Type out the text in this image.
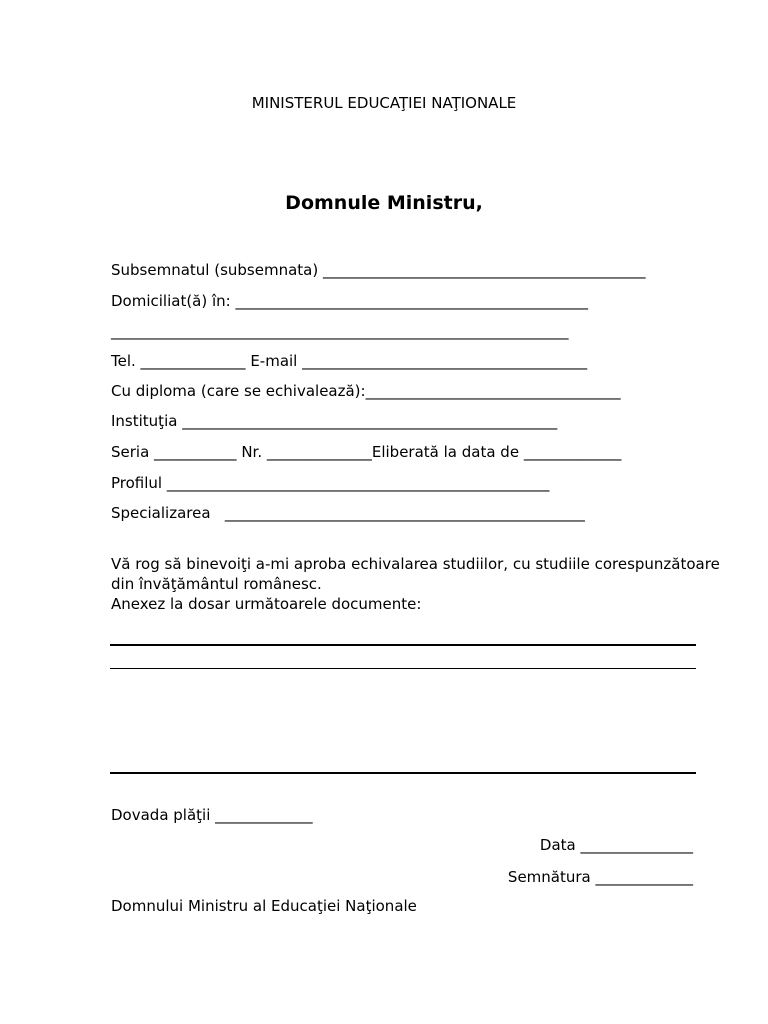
MINISTERUL EDUCAŢIEI NAŢIONALE
Domnule Ministru,
Subsemnatul (subsemnata) ___________________________________________
Domiciliat(ă) în: _______________________________________________
_____________________________________________________________
Tel. ______________ E-mail ______________________________________
Cu diploma (care se echivalează):__________________________________
Instituţia __________________________________________________
Seria ___________ Nr. ______________Eliberată la data de _____________
Profilul ___________________________________________________
Specializarea   ________________________________________________
Vă rog să binevoiţi a-mi aproba echivalarea studiilor, cu studiile corespunzătoare
din învăţământul românesc.
Anexez la dosar următoarele documente:
Dovada plăţii _____________
Data _______________
Semnătura _____________
Domnului Ministru al Educaţiei Naţionale
